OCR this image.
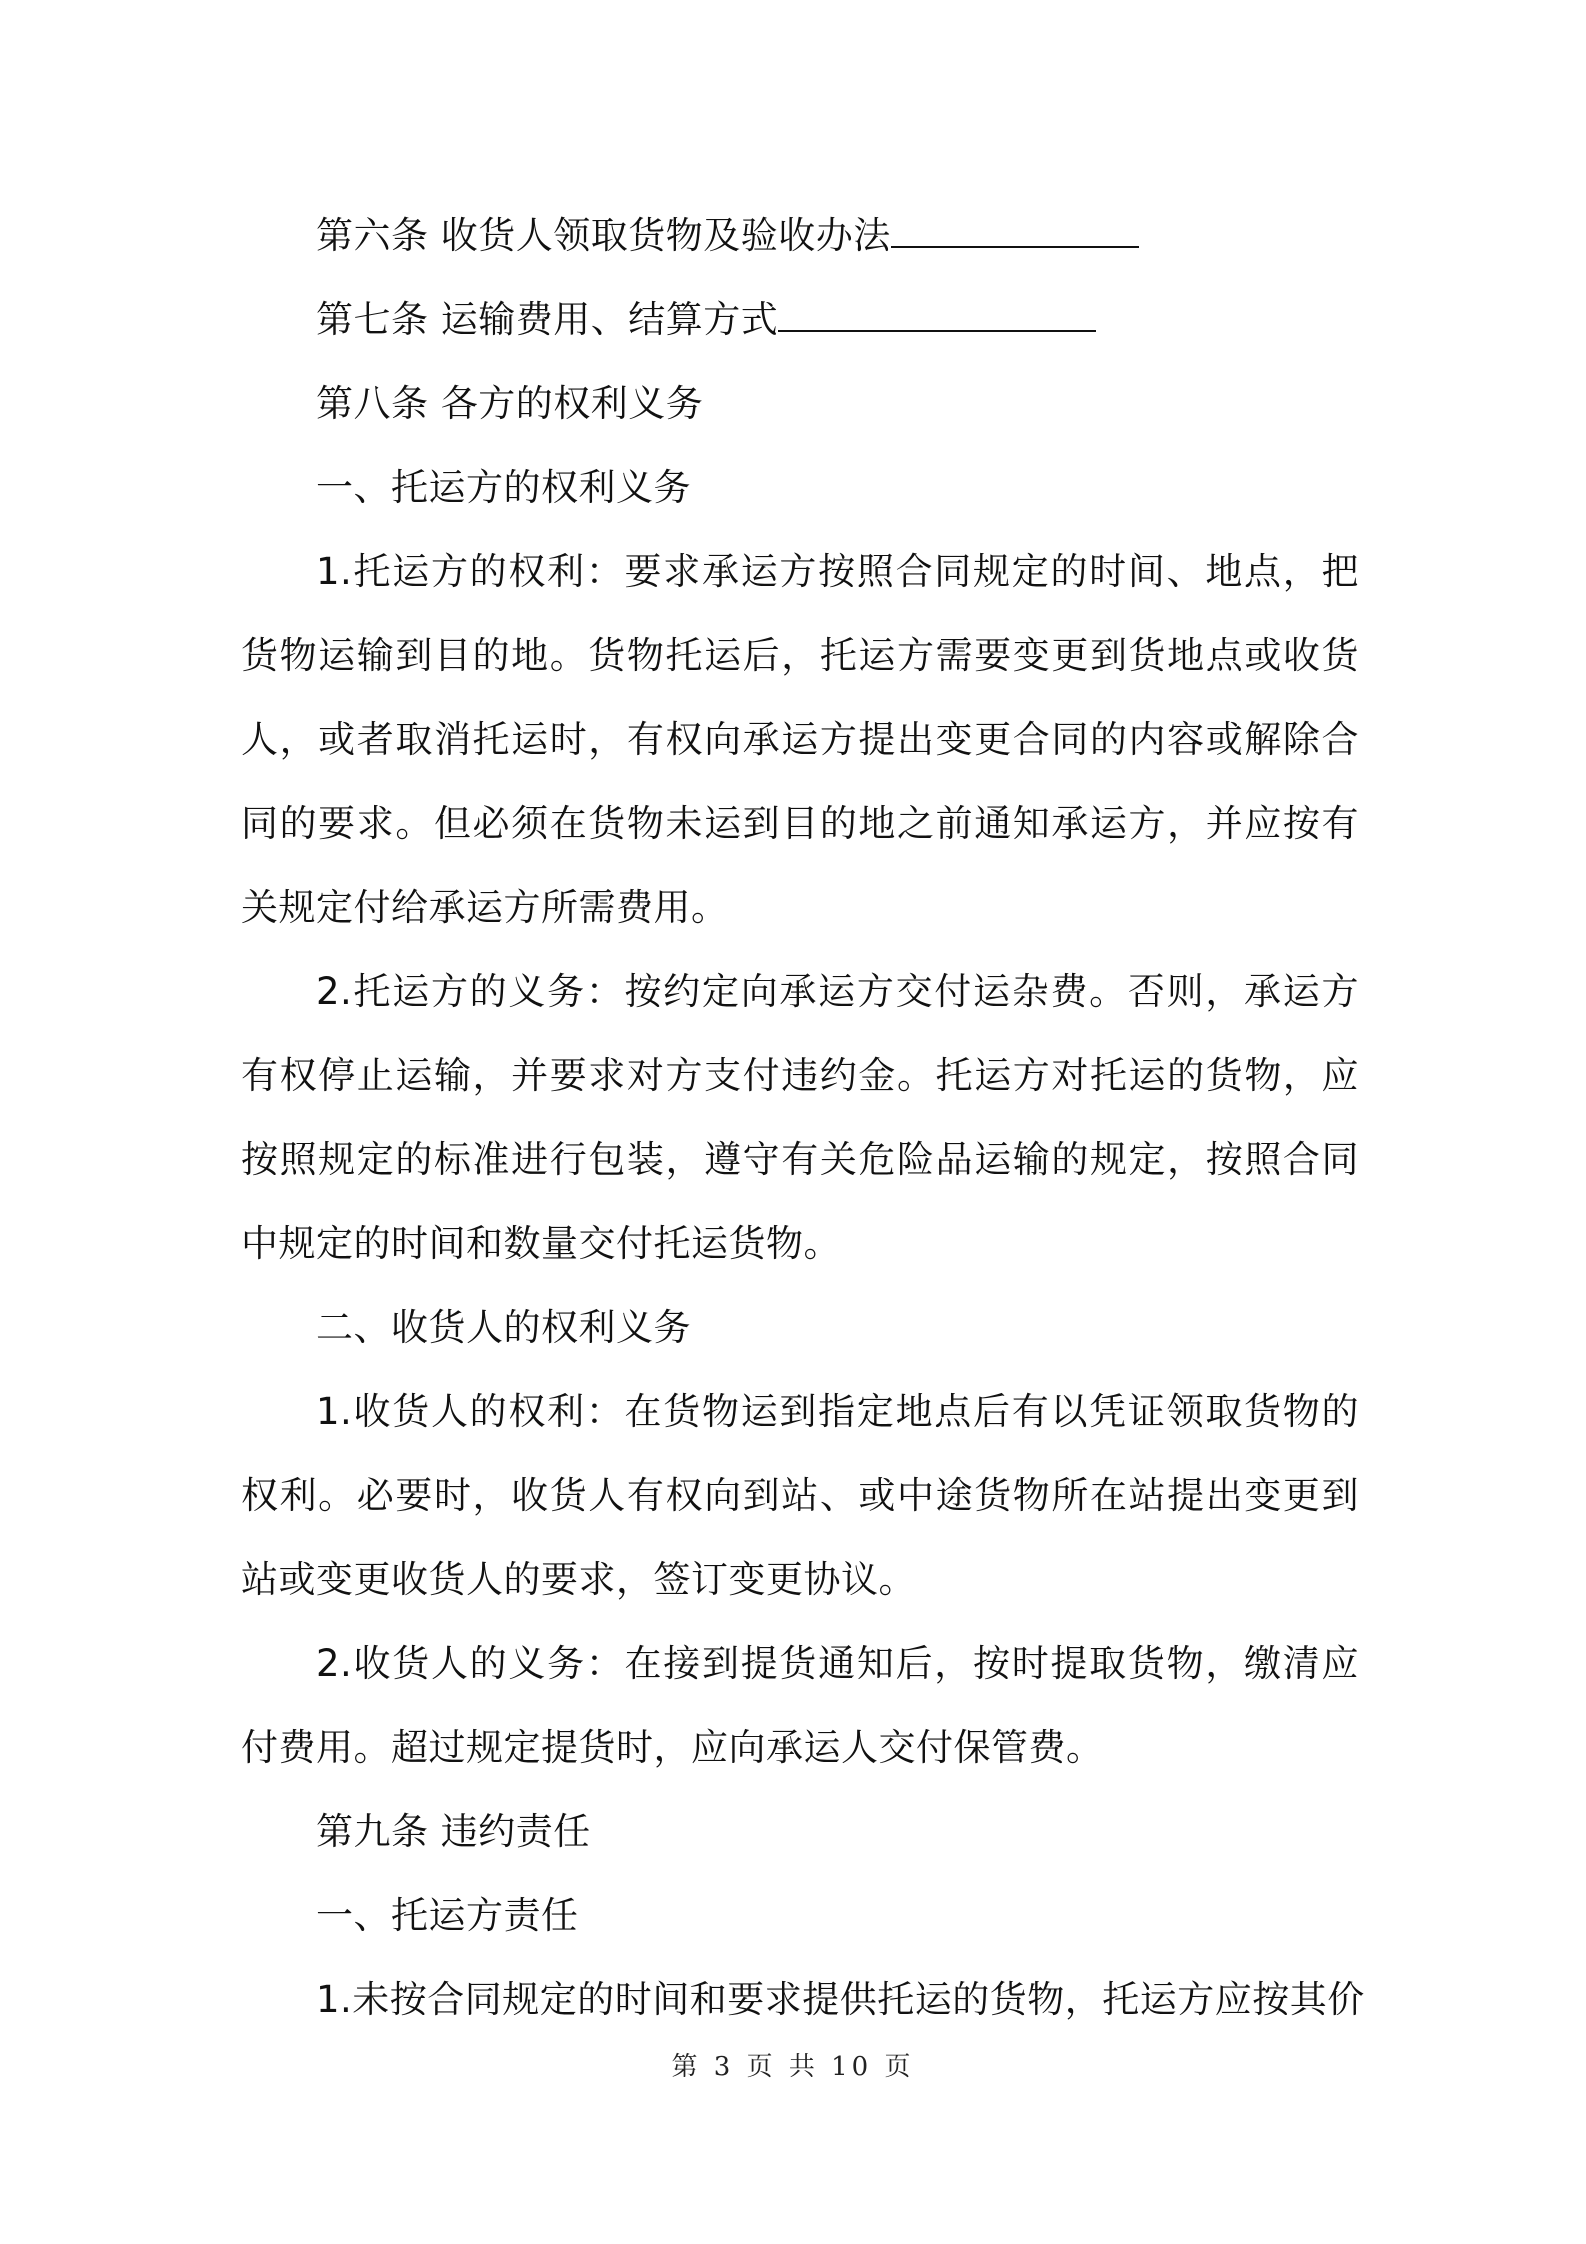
第六条 收货人领取货物及验收办法
第七条 运输费用、结算方式
第八条 各方的权利义务
一、托运方的权利义务
1.托运方的权利：要求承运方按照合同规定的时间、地点，把货物运输到目的地。货物托运后，托运方需要变更到货地点或收货人，或者取消托运时，有权向承运方提出变更合同的内容或解除合同的要求。但必须在货物未运到目的地之前通知承运方，并应按有关规定付给承运方所需费用。
2.托运方的义务：按约定向承运方交付运杂费。否则，承运方有权停止运输，并要求对方支付违约金。托运方对托运的货物，应按照规定的标准进行包装，遵守有关危险品运输的规定，按照合同中规定的时间和数量交付托运货物。
二、收货人的权利义务
1.收货人的权利：在货物运到指定地点后有以凭证领取货物的权利。必要时，收货人有权向到站、或中途货物所在站提出变更到站或变更收货人的要求，签订变更协议。
2.收货人的义务：在接到提货通知后，按时提取货物，缴清应付费用。超过规定提货时，应向承运人交付保管费。
第九条 违约责任
一、托运方责任
1.未按合同规定的时间和要求提供托运的货物，托运方应按其价
第 3 页 共 10 页
